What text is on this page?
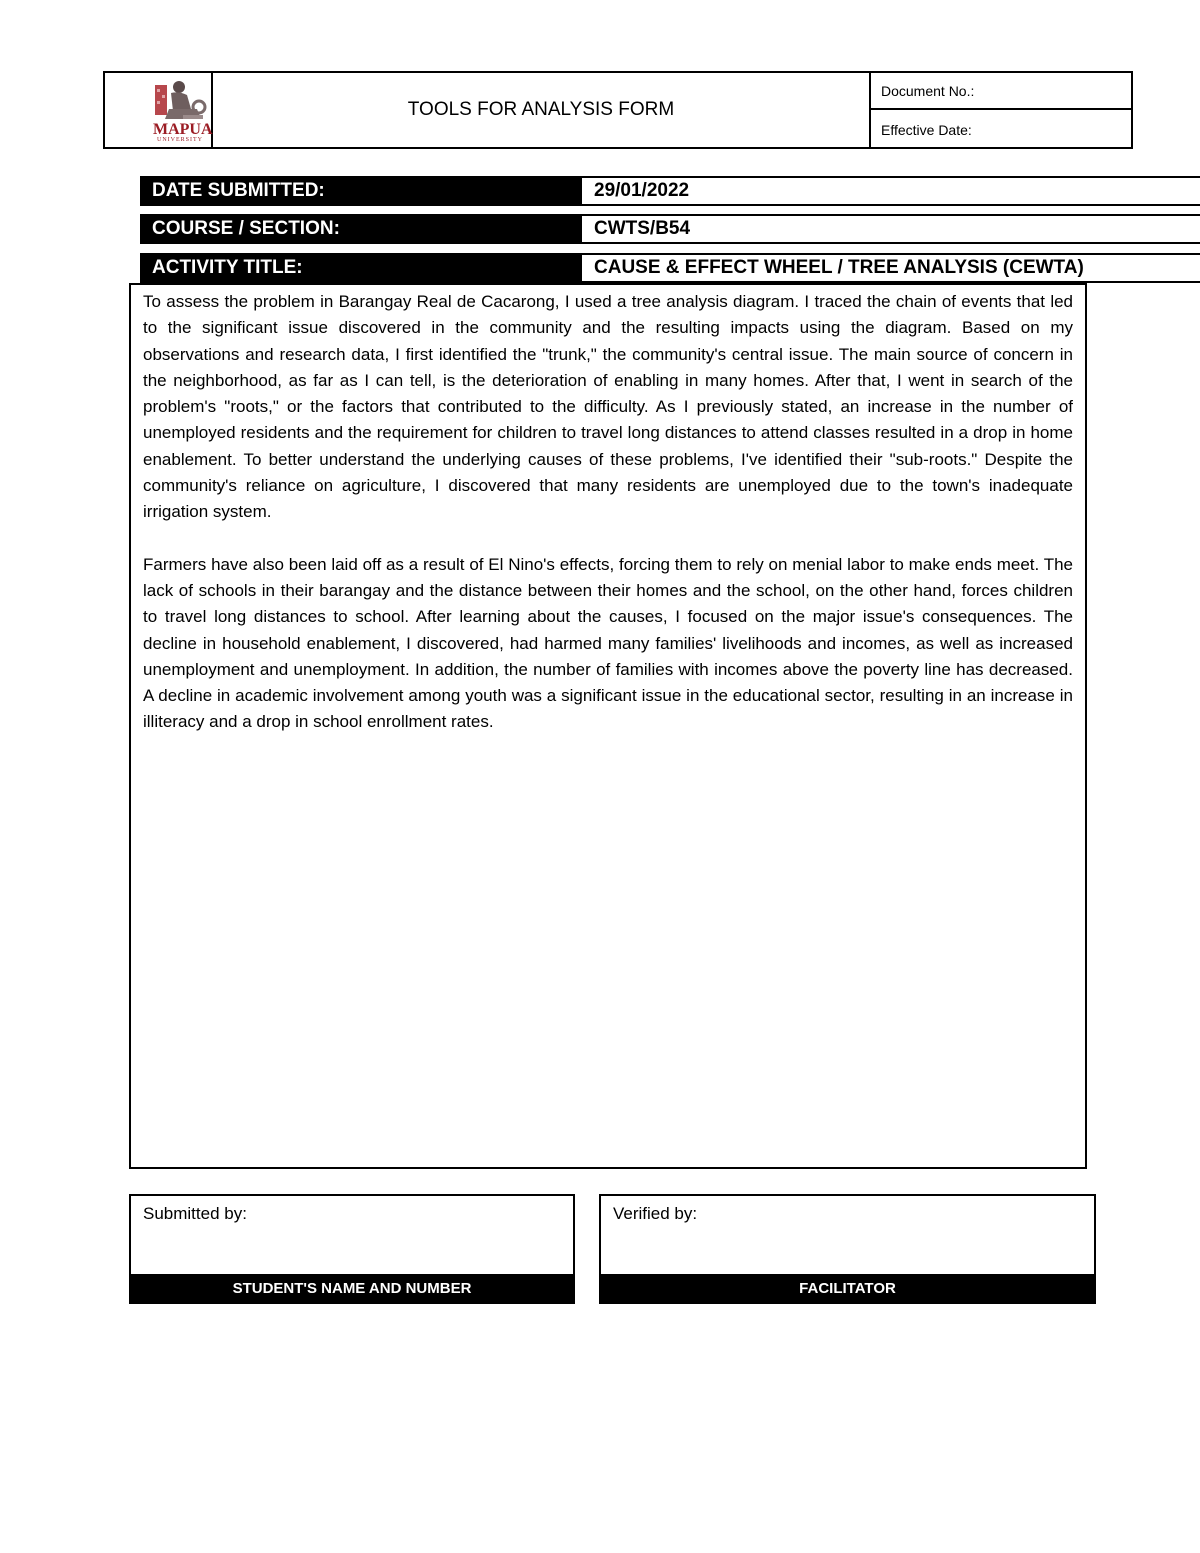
MAPUA
UNIVERSITY
TOOLS FOR ANALYSIS FORM
Document No.:
Effective Date:
DATE SUBMITTED:	29/01/2022
COURSE / SECTION:	CWTS/B54
ACTIVITY TITLE:	CAUSE & EFFECT WHEEL / TREE ANALYSIS (CEWTA)

To assess the problem in Barangay Real de Cacarong, I used a tree analysis diagram. I traced the chain of events that led to the significant issue discovered in the community and the resulting impacts using the diagram. Based on my observations and research data, I first identified the "trunk," the community's central issue. The main source of concern in the neighborhood, as far as I can tell, is the deterioration of enabling in many homes. After that, I went in search of the problem's "roots," or the factors that contributed to the difficulty. As I previously stated, an increase in the number of unemployed residents and the requirement for children to travel long distances to attend classes resulted in a drop in home enablement. To better understand the underlying causes of these problems, I've identified their "sub-roots." Despite the community's reliance on agriculture, I discovered that many residents are unemployed due to the town's inadequate irrigation system.

Farmers have also been laid off as a result of El Nino's effects, forcing them to rely on menial labor to make ends meet. The lack of schools in their barangay and the distance between their homes and the school, on the other hand, forces children to travel long distances to school. After learning about the causes, I focused on the major issue's consequences. The decline in household enablement, I discovered, had harmed many families' livelihoods and incomes, as well as increased unemployment and unemployment. In addition, the number of families with incomes above the poverty line has decreased. A decline in academic involvement among youth was a significant issue in the educational sector, resulting in an increase in illiteracy and a drop in school enrollment rates.

Submitted by:
STUDENT'S NAME AND NUMBER
Verified by:
FACILITATOR
